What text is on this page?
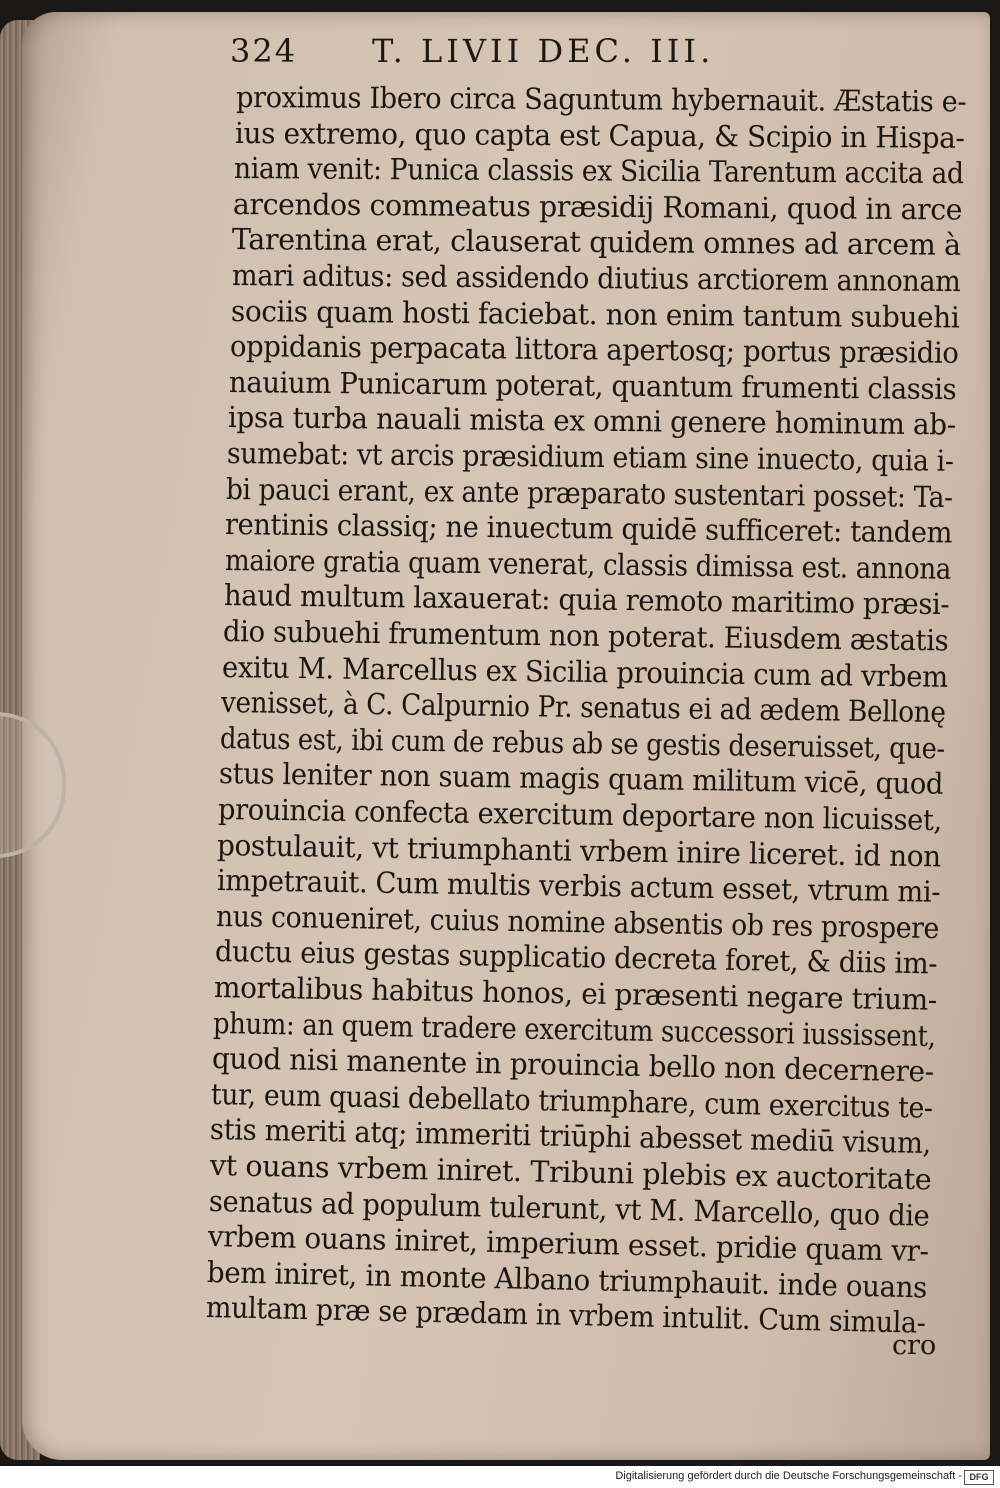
324 T. LIVII DEC. III.
proximus Ibero circa Saguntum hybernauit. Æstatis e-
ius extremo, quo capta est Capua, & Scipio in Hispa-
niam venit: Punica classis ex Sicilia Tarentum accita ad
arcendos commeatus præsidij Romani, quod in arce
Tarentina erat, clauserat quidem omnes ad arcem à
mari aditus: sed assidendo diutius arctiorem annonam
sociis quam hosti faciebat. non enim tantum subuehi
oppidanis perpacata littora apertosq; portus præsidio
nauium Punicarum poterat, quantum frumenti classis
ipsa turba nauali mista ex omni genere hominum ab-
sumebat: vt arcis præsidium etiam sine inuecto, quia i-
bi pauci erant, ex ante præparato sustentari posset: Ta-
rentinis classiq; ne inuectum quidē sufficeret: tandem
maiore gratia quam venerat, classis dimissa est. annona
haud multum laxauerat: quia remoto maritimo præsi-
dio subuehi frumentum non poterat. Eiusdem æstatis
exitu M. Marcellus ex Sicilia prouincia cum ad vrbem
venisset, à C. Calpurnio Pr. senatus ei ad ædem Bellonę
datus est, ibi cum de rebus ab se gestis deseruisset, que-
stus leniter non suam magis quam militum vicē, quod
prouincia confecta exercitum deportare non licuisset,
postulauit, vt triumphanti vrbem inire liceret. id non
impetrauit. Cum multis verbis actum esset, vtrum mi-
nus conueniret, cuius nomine absentis ob res prospere
ductu eius gestas supplicatio decreta foret, & diis im-
mortalibus habitus honos, ei præsenti negare trium-
phum: an quem tradere exercitum successori iussissent,
quod nisi manente in prouincia bello non decernere-
tur, eum quasi debellato triumphare, cum exercitus te-
stis meriti atq; immeriti triūphi abesset mediū visum,
vt ouans vrbem iniret. Tribuni plebis ex auctoritate
senatus ad populum tulerunt, vt M. Marcello, quo die
vrbem ouans iniret, imperium esset. pridie quam vr-
bem iniret, in monte Albano triumphauit. inde ouans
multam præ se prædam in vrbem intulit. Cum simula-
cro
Digitalisierung gefördert durch die Deutsche Forschungsgemeinschaft - DFG
